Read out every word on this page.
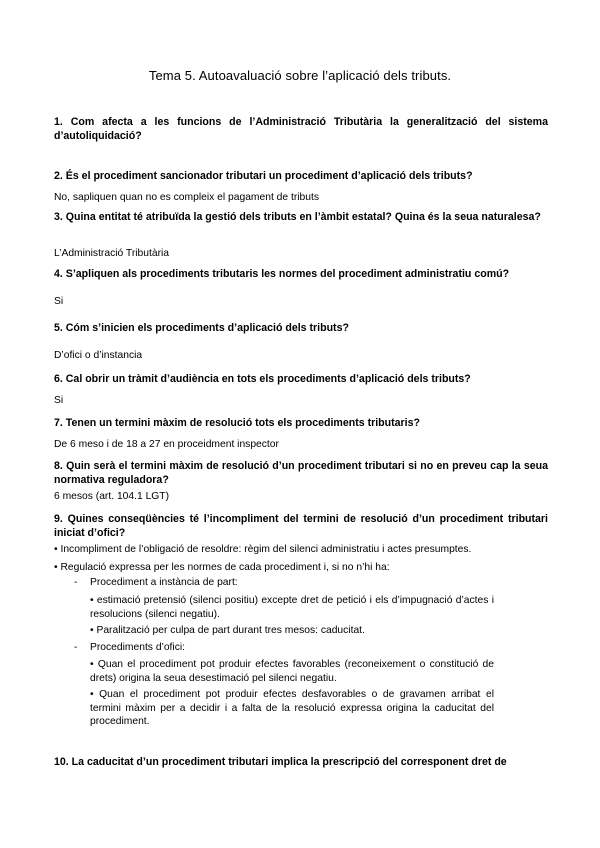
Tema 5. Autoavaluació sobre l’aplicació dels tributs.
1. Com afecta a les funcions de l’Administració Tributària la generalització del sistema d’autoliquidació?
2. És el procediment sancionador tributari un procediment d’aplicació dels tributs?
No, sapliquen quan no es compleix el pagament de tributs
3. Quina entitat té atribuïda la gestió dels tributs en l’àmbit estatal? Quina és la seua naturalesa?
L’Administració Tributària
4. S’apliquen als procediments tributaris les normes del procediment administratiu comú?
Si
5. Cóm s’inicien els procediments d’aplicació dels tributs?
D’ofici o d’instancia
6. Cal obrir un tràmit d’audiència en tots els procediments d’aplicació dels tributs?
Si
7. Tenen un termini màxim de resolució tots els procediments tributaris?
De 6 meso i de 18 a 27 en proceidment inspector
8. Quin serà el termini màxim de resolució d’un procediment tributari si no en preveu cap la seua normativa reguladora?
6 mesos (art. 104.1 LGT)
9. Quines conseqüències té l’incompliment del termini de resolució d’un procediment tributari iniciat d’ofici?
• Incompliment de l’obligació de resoldre: règim del silenci administratiu i actes presumptes.
• Regulació expressa per les normes de cada procediment i, si no n’hi ha:
- Procediment a instància de part:
• estimació pretensió (silenci positiu) excepte dret de petició i els d’impugnació d’actes i resolucions (silenci negatiu).
• Paralització per culpa de part durant tres mesos: caducitat.
- Procediments d’ofici:
• Quan el procediment pot produir efectes favorables (reconeixement o constitució de drets) origina la seua desestimació pel silenci negatiu.
• Quan el procediment pot produir efectes desfavorables o de gravamen arribat el termini màxim per a decidir i a falta de la resolució expressa origina la caducitat del procediment.
10. La caducitat d’un procediment tributari implica la prescripció del corresponent dret de
